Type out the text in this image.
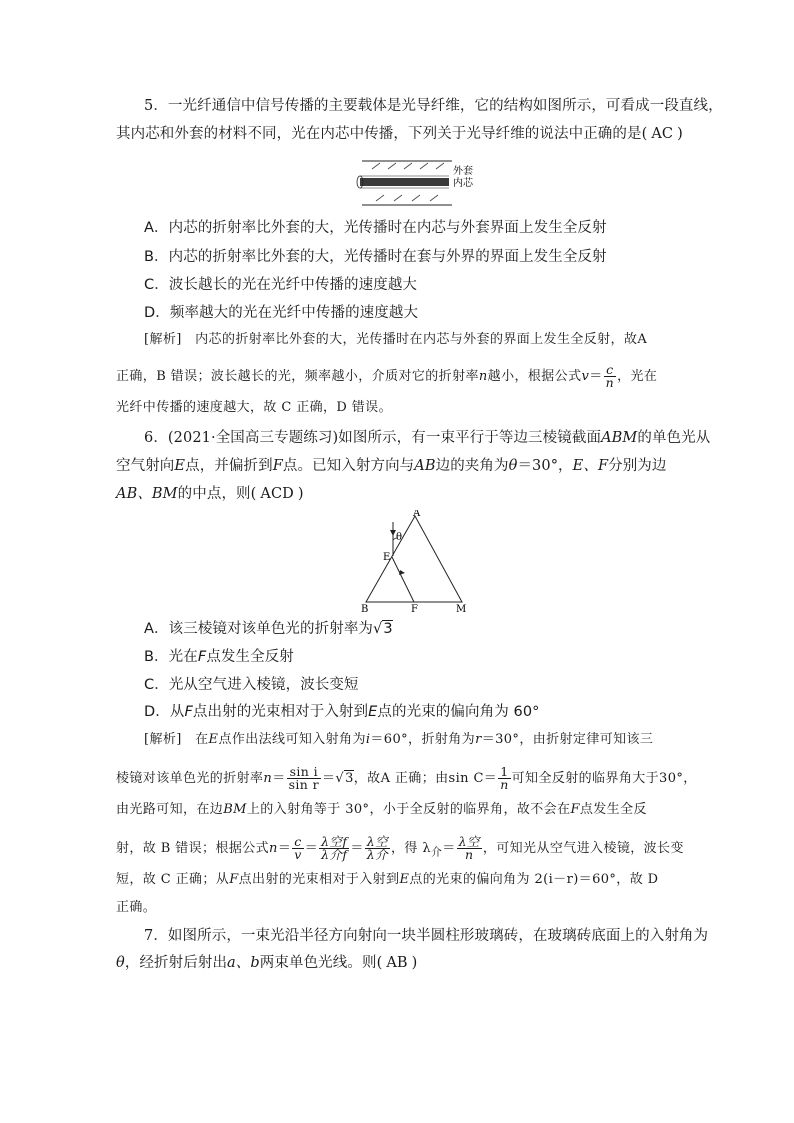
5．一光纤通信中信号传播的主要载体是光导纤维，它的结构如图所示，可看成一段直线，
其内芯和外套的材料不同，光在内芯中传播，下列关于光导纤维的说法中正确的是( AC )
外套
内芯
A．内芯的折射率比外套的大，光传播时在内芯与外套界面上发生全反射
B．内芯的折射率比外套的大，光传播时在套与外界的界面上发生全反射
C．波长越长的光在光纤中传播的速度越大
D．频率越大的光在光纤中传播的速度越大
[解析]　内芯的折射率比外套的大，光传播时在内芯与外套的界面上发生全反射，故A
正确，B 错误；波长越长的光，频率越小，介质对它的折射率n越小，根据公式$v= \frac{c}{n}$ ，光在
光纤中传播的速度越大，故 C 正确，D 错误。
6．(2021·全国高三专题练习)如图所示，有一束平行于等边三棱镜截面ABM的单色光从
空气射向E点，并偏折到F点。已知入射方向与AB边的夹角为θ＝30°，E、F分别为边
AB、BM的中点，则( ACD )
A
B	M
E
F
θ
A．该三棱镜对该单色光的折射率为√3
B．光在F点发生全反射
C．光从空气进入棱镜，波长变短
D．从F点出射的光束相对于入射到E点的光束的偏向角为 60°
[解析]　在E点作出法线可知入射角为i＝60°，折射角为r＝30°，由折射定律可知该三
棱镜对该单色光的折射率$n= \frac{\text{sin i}}{\text{sin r}} =√3$，故A 正确；由$\sin C= \frac{1}{n}$ 可知全反射的临界角大于30°，
由光路可知，在边BM上的入射角等于 30°，小于全反射的临界角，故不会在F点发生全反
射，故 B 错误；根据公式$n= \frac{c}{v} = \frac{\text{λ空f}}{\text{λ介f}} = \frac{\text{λ空}}{\text{λ介}}$ ，得 $\lambda_介= \frac{\text{λ空}}{n}$ ，可知光从空气进入棱镜，波长变
短，故 C 正确；从F点出射的光束相对于入射到E点的光束的偏向角为 2(i－r)＝60°，故 D
正确。
7．如图所示，一束光沿半径方向射向一块半圆柱形玻璃砖，在玻璃砖底面上的入射角为
θ，经折射后射出a、b两束单色光线。则( AB )
